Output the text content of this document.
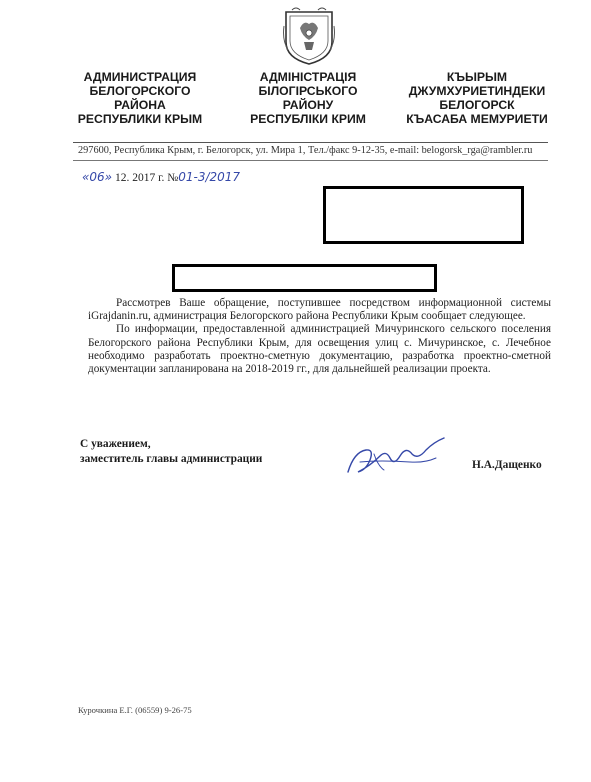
АДМИНИСТРАЦИЯ
БЕЛОГОРСКОГО
РАЙОНА
РЕСПУБЛИКИ КРЫМ
АДМIНIСТРАЦIЯ
БIЛОГIРСЬКОГО
РАЙОНУ
РЕСПУБЛIКИ КРИМ
КЪЫРЫМ
ДЖУМХУРИЕТИНДЕКИ
БЕЛОГОРСК
КЪАСАБА МЕМУРИЕТИ
297600, Республика Крым, г. Белогорск, ул. Мира 1, Тел./факс 9-12-35, e-mail: belogorsk_rga@rambler.ru
«06» 12. 2017 г. №01-3/2017

Рассмотрев Ваше обращение, поступившее посредством информационной системы iGrajdanin.ru, администрация Белогорского района Республики Крым сообщает следующее.

По информации, предоставленной администрацией Мичуринского сельского поселения Белогорского района Республики Крым, для освещения улиц с. Мичуринское, с. Лечебное необходимо разработать проектно-сметную документацию, разработка проектно-сметной документации запланирована на 2018-2019 гг., для дальнейшей реализации проекта.

С уважением,
заместитель главы администрации	Н.А.Дащенко
Курочкина Е.Г. (06559) 9-26-75
